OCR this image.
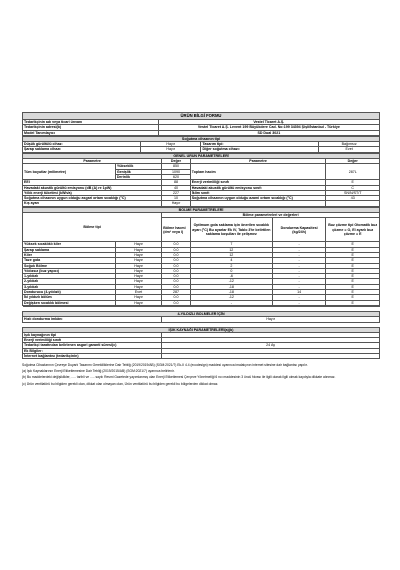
ÜRÜN BİLGİ FORMU	
Tedarikçinin adı veya ticari ünvanı	Vestel Ticaret A.Ş.
Tedarikçinin adresi(b)	Vestel Ticaret A.Ş. Levent 199 Büyükdere Cad. No:199 34394 Şişli/İstanbul - Türkiye
Model Tanımlayıcı	SD Dual 3021
Soğutma cihazının tipi			
Düşük gürültülü cihaz:	Hayır	Tasarım tipi:	Bağımsız
Şarap saklama cihazı:	Hayır	Diğer soğutma cihazı:	Evet
GENEL ÜRÜN PARAMETRELERİ				
Parametre		Değer	Parametre	Değer
Tüm boyutlar (milimetre)	Yükseklik	850	Toplam hacim	287L
	Genişlik	1090		
	Derinlik	620		
EEI		88	Enerji verimliliği sınıfı	E
Havadaki akustik gürültü emisyonu (dB (A) re 1pW)		40	Havadaki akustik gürültü emisyonu sınıfı	C
Yıllık enerji tüketimi (kWh/a)		227	İklim sınıfı	SN/N/ST/T
Soğutma cihazının uygun olduğu asgari ortam sıcaklığı (°C)		10	Soğutma cihazının uygun olduğu azami ortam sıcaklığı (°C)	43
Kış ayarı		Hayır		
BÖLME PARAMETRELERİ					
Bölme tipi		Bölme parametreleri ve değerleri			
		Bölme hacmi (dm³ veya l)	Optimum gıda saklama için önerilen sıcaklık ayarı (°C) Bu ayarlar Ek IV, Tablo 3'te belirtilen saklama koşulları ile çelişmez	Dondurma Kapasitesi (kg/24h)	Buz çözme tipi Otomatik buz çözme = O, El ayarlı buz çözme = E
Yüksek sıcaklıklı kiler	Hayır	0.0	7	-	E
Şarap saklama	Hayır	0.0	12	-	E
Kiler	Hayır	0.0	12	-	E
Taze gıda	Hayır	0.0	4	-	E
Soğuk Bölme	Hayır	0.0	2	-	E
Yıldızsız (buz yapıcı)	Hayır	0.0	0	-	E
1-yıldızlı	Hayır	0.0	-6	-	E
2-yıldızlı	Hayır	0.0	-12	-	E
3-yıldızlı	Hayır	0.0	-18	-	E
Dondurucu (4-yıldızlı)	Evet	287	-18	14	E
İki yıldızlı bölüm	Hayır	0.0	-12	-	E
Değişken sıcaklık bölmesi	Hayır	0.0	-	-	E

4-YILDIZLI BÖLMELER İÇİN	
Hızlı dondurma imkânı	Hayır

IŞIK KAYNAĞI PARAMETRELERİ(a)(b)	
Işık kaynağının tipi	
Enerji verimliliği sınıfı	
Tedarikçi tarafından belirlenen asgari garanti süresi(c)	24 Ay
Ek Bilgiler:	
İnternet bağlantısı (tedarikçinin)	

Soğutma Cihazlarının Çevreye Duyarlı Tasarımı Gerekliliklerine Dair Tebliğ (2019/2019/AB) (SGM:2021/7) Ek-II 4.4 (ecodesign) maddesi uyarınca imalatçının internet sitesine dair bağlantısı yapılır.

(a) Işık Kaynaklarının Enerji Etiketlemesine Dair Tebliğ (2019/2015/AB) (SGM:2021/7) uyarınca belirlenir.

(b) Bu maddelerdeki değişiklikler, ..... tarihli ve ..... sayılı Resmi Gazetede yayımlanmış olan Enerji Etiketlemesi Çerçeve Yönetmeliği 6 ncı maddesinin 3 üncü fıkrası ile ilgili olarak ilgili olmak kaydıyla dikkate alınmaz.

(c) Ürün ventilatörü bu bilgiden gerekli olan, dikkat olan olmayan olan, Ürün ventilatörü bu bilgiden gerekli bu bölgelerden dikkat olmaz.
